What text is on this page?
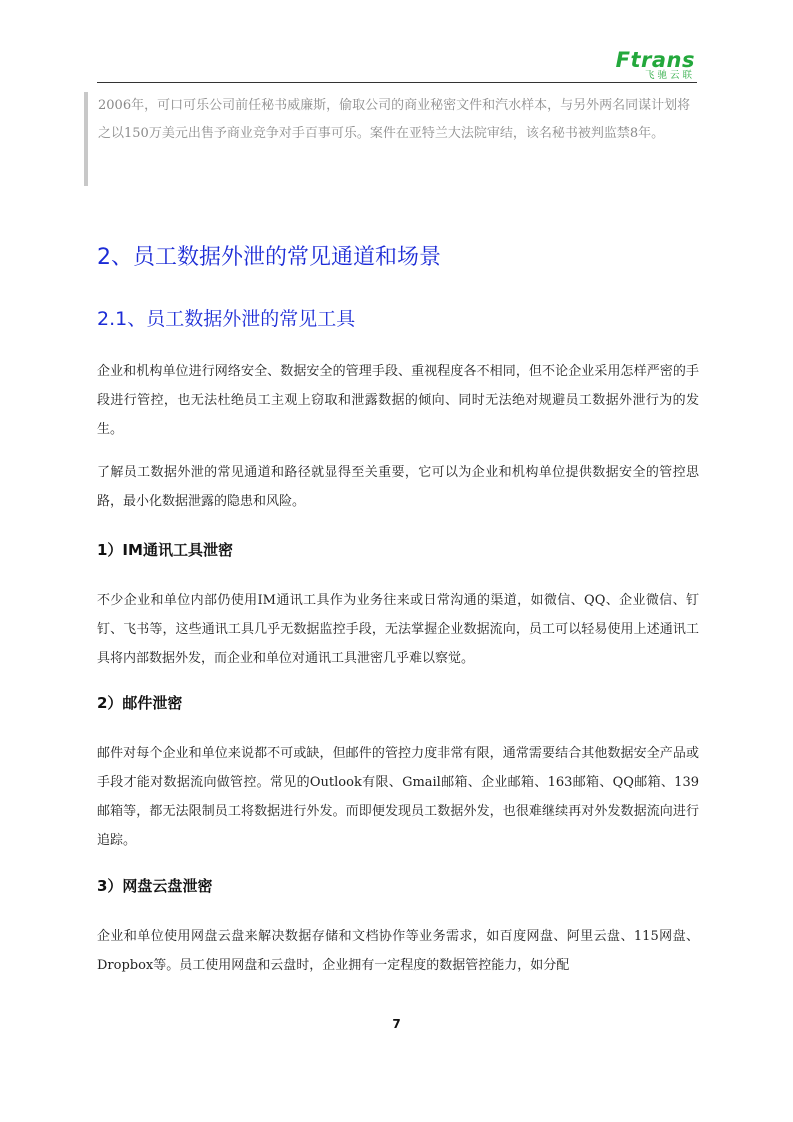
Ftrans
飞驰云联

2006年，可口可乐公司前任秘书威廉斯，偷取公司的商业秘密文件和汽水样本，与另外两名同谋计划将之以150万美元出售予商业竞争对手百事可乐。案件在亚特兰大法院审结，该名秘书被判监禁8年。

2、员工数据外泄的常见通道和场景
2.1、员工数据外泄的常见工具

企业和机构单位进行网络安全、数据安全的管理手段、重视程度各不相同，但不论企业采用怎样严密的手段进行管控，也无法杜绝员工主观上窃取和泄露数据的倾向、同时无法绝对规避员工数据外泄行为的发生。

了解员工数据外泄的常见通道和路径就显得至关重要，它可以为企业和机构单位提供数据安全的管控思路，最小化数据泄露的隐患和风险。

1）IM通讯工具泄密

不少企业和单位内部仍使用IM通讯工具作为业务往来或日常沟通的渠道，如微信、QQ、企业微信、钉钉、飞书等，这些通讯工具几乎无数据监控手段，无法掌握企业数据流向，员工可以轻易使用上述通讯工具将内部数据外发，而企业和单位对通讯工具泄密几乎难以察觉。

2）邮件泄密

邮件对每个企业和单位来说都不可或缺，但邮件的管控力度非常有限，通常需要结合其他数据安全产品或手段才能对数据流向做管控。常见的Outlook有限、Gmail邮箱、企业邮箱、163邮箱、QQ邮箱、139邮箱等，都无法限制员工将数据进行外发。而即便发现员工数据外发，也很难继续再对外发数据流向进行追踪。

3）网盘云盘泄密

企业和单位使用网盘云盘来解决数据存储和文档协作等业务需求，如百度网盘、阿里云盘、115网盘、Dropbox等。员工使用网盘和云盘时，企业拥有一定程度的数据管控能力，如分配

7
